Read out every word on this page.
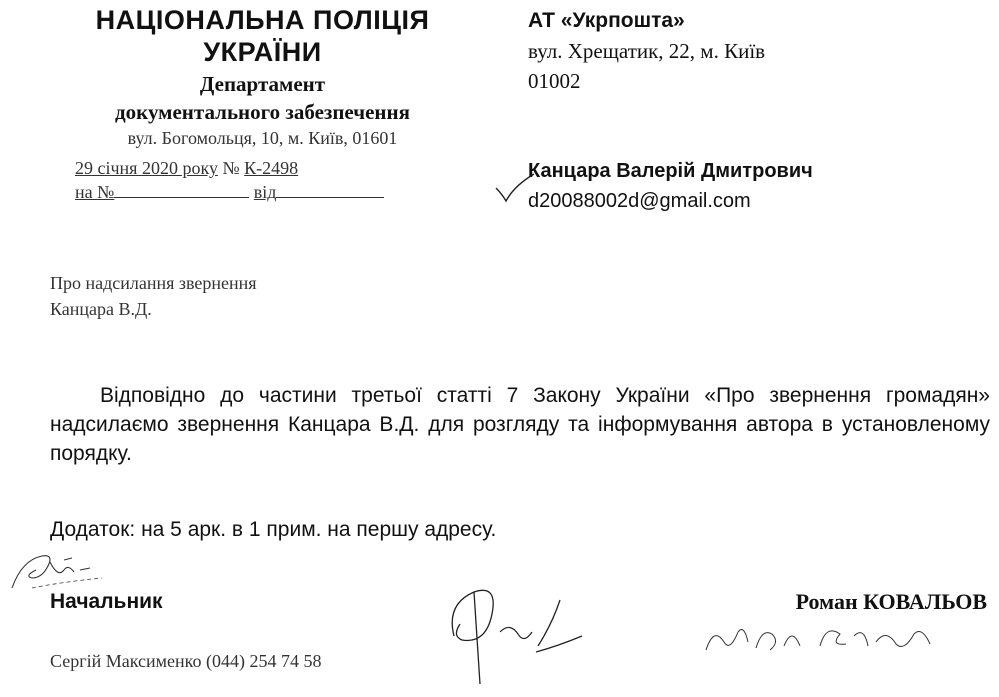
НАЦІОНАЛЬНА ПОЛІЦІЯ
УКРАЇНИ
Департамент
документального забезпечення
вул. Богомольця, 10, м. Київ, 01601
29 січня 2020 року № К-2498
на №	від
АТ «Укрпошта»
вул. Хрещатик, 22, м. Київ
01002
Канцара Валерій Дмитрович
d20088002d@gmail.com
Про надсилання звернення
Канцара В.Д.
Відповідно до частини третьої статті 7 Закону України «Про звернення громадян» надсилаємо звернення Канцара В.Д. для розгляду та інформування автора в установленому порядку.
Додаток: на 5 арк. в 1 прим. на першу адресу.
Начальник	Роман КОВАЛЬОВ
Сергій Максименко (044) 254 74 58
